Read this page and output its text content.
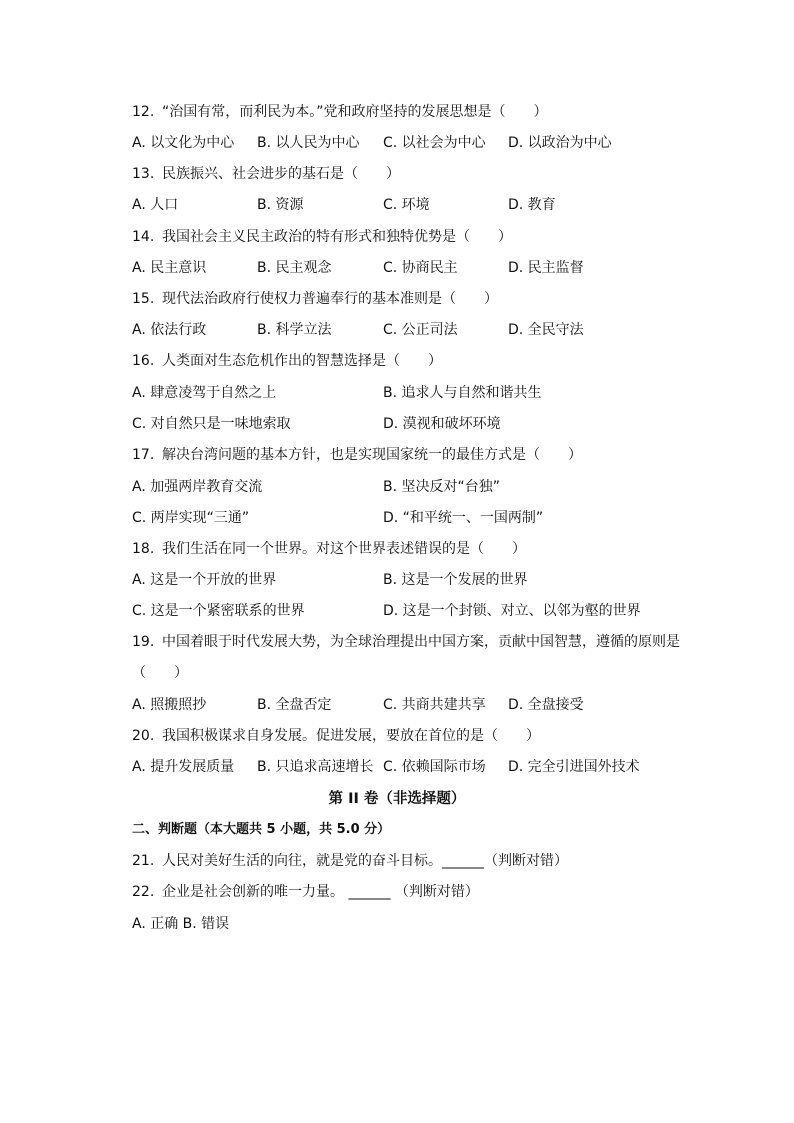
12. “治国有常，而利民为本。”党和政府坚持的发展思想是（　　）
A. 以文化为中心 B. 以人民为中心 C. 以社会为中心 D. 以政治为中心
13. 民族振兴、社会进步的基石是（　　）
A. 人口	B. 资源	C. 环境	D. 教育
14. 我国社会主义民主政治的特有形式和独特优势是（　　）
A. 民主意识	B. 民主观念	C. 协商民主	D. 民主监督
15. 现代法治政府行使权力普遍奉行的基本准则是（　　）
A. 依法行政	B. 科学立法	C. 公正司法	D. 全民守法
16. 人类面对生态危机作出的智慧选择是（　　）
A. 肆意凌驾于自然之上	B. 追求人与自然和谐共生
C. 对自然只是一味地索取	D. 漠视和破坏环境
17. 解决台湾问题的基本方针，也是实现国家统一的最佳方式是（　　）
A. 加强两岸教育交流	B. 坚决反对“台独”
C. 两岸实现“三通”	D. “和平统一、一国两制”
18. 我们生活在同一个世界。对这个世界表述错误的是（　　）
A. 这是一个开放的世界	B. 这是一个发展的世界
C. 这是一个紧密联系的世界	D. 这是一个封锁、对立、以邻为壑的世界
19. 中国着眼于时代发展大势，为全球治理提出中国方案，贡献中国智慧，遵循的原则是
（　　）
A. 照搬照抄	B. 全盘否定	C. 共商共建共享 D. 全盘接受
20. 我国积极谋求自身发展。促进发展，要放在首位的是（　　）
A. 提升发展质量 B. 只追求高速增长 C. 依赖国际市场 D. 完全引进国外技术
第 II 卷（非选择题）
二、判断题（本大题共 5 小题，共 5.0 分）
21. 人民对美好生活的向往，就是党的奋斗目标。______（判断对错）
22. 企业是社会创新的唯一力量。 ______ （判断对错）
A. 正确 B. 错误
